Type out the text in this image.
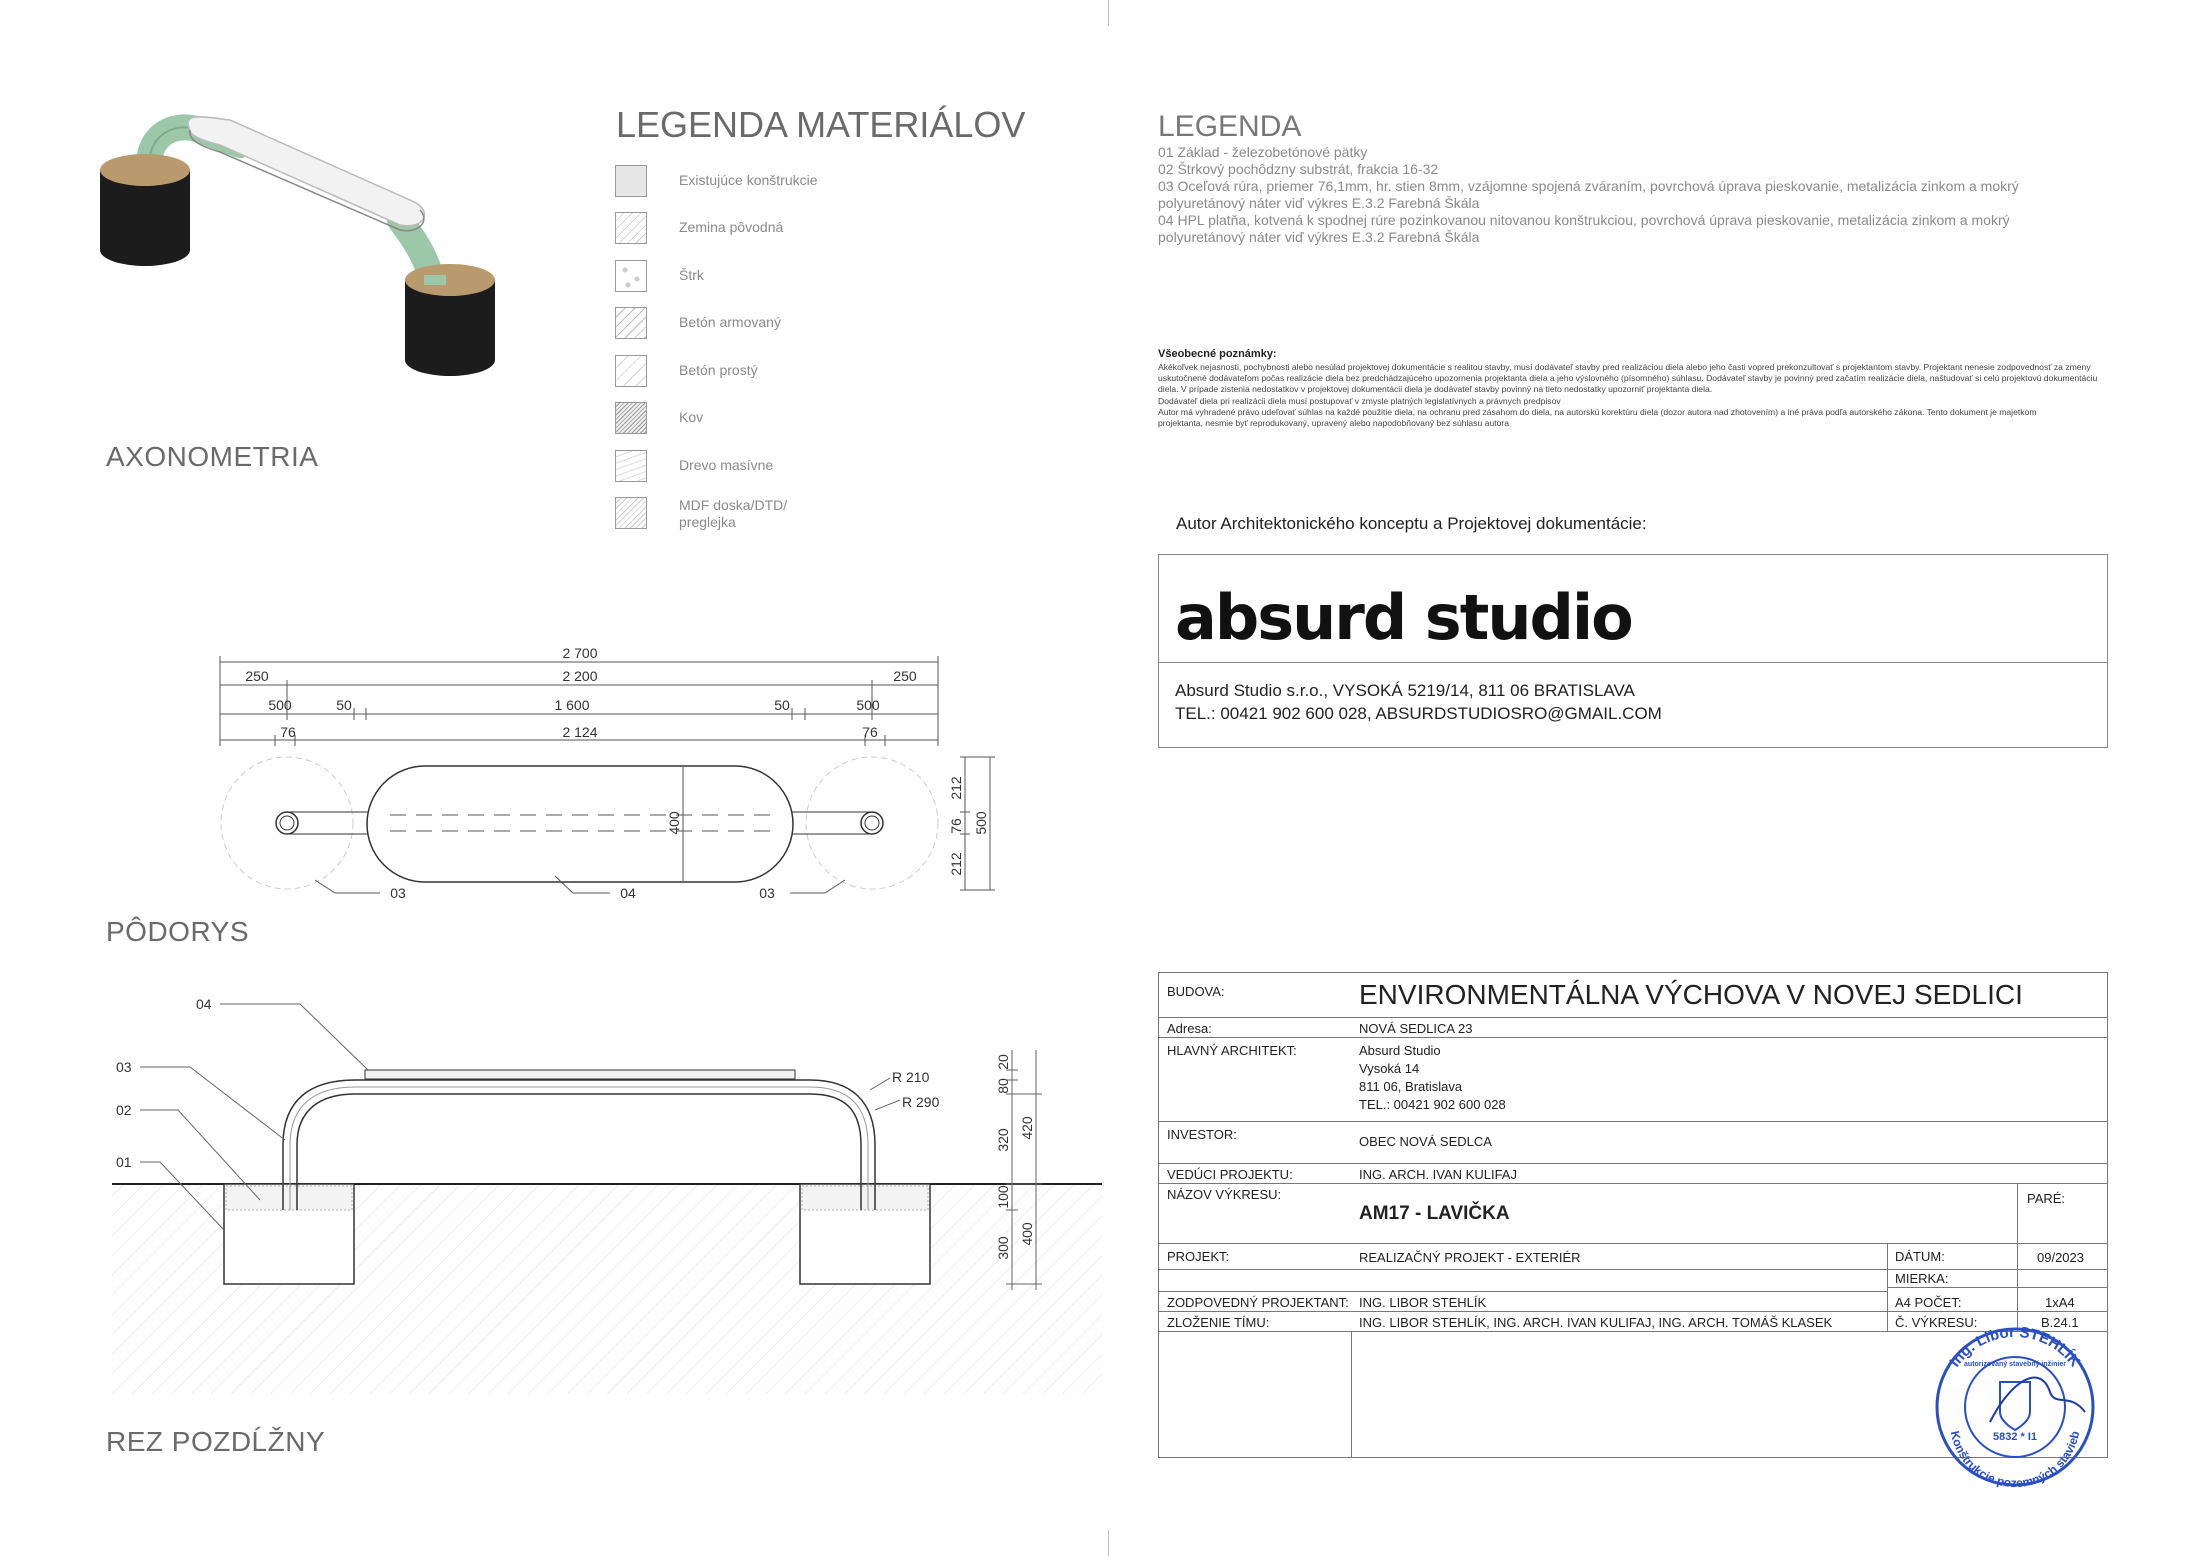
AXONOMETRIA
LEGENDA MATERIÁLOV
Existujúce konštrukcie
Zemina pôvodná
Štrk
Betón armovaný
Betón prostý
Kov
Drevo masívne
MDF doska/DTD/ preglejka
LEGENDA
01 Základ - železobetónové pätky
02 Štrkový pochôdzny substrát, frakcia 16-32
03 Oceľová rúra, priemer 76,1mm, hr. stien 8mm, vzájomne spojená zváraním, povrchová úprava pieskovanie, metalizácia zinkom a mokrý polyuretánový náter viď výkres E.3.2 Farebná Škála
04 HPL platňa, kotvená k spodnej rúre pozinkovanou nitovanou konštrukciou, povrchová úprava pieskovanie, metalizácia zinkom a mokrý polyuretánový náter viď výkres E.3.2 Farebná Škála
Všeobecné poznámky:
Akékoľvek nejasnosti, pochybnosti alebo nesúlad projektovej dokumentácie s realitou stavby, musí dodávateľ stavby pred realizáciou diela alebo jeho časti vopred prekonzultovať s projektantom stavby. Projektant nenesie zodpovednosť za zmeny uskutočnené dodávateľom počas realizácie diela bez predchádzajúceho upozornenia projektanta diela a jeho výslovného (písomného) súhlasu. Dodávateľ stavby je povinný pred začatím realizácie diela, naštudovať si celú projektovú dokumentáciu diela. V prípade zistenia nedostatkov v projektovej dokumentácii diela je dodávateľ stavby povinný na tieto nedostatky upozorniť projektanta diela.
Dodávateľ diela pri realizácii diela musí postupovať v zmysle platných legislatívnych a právnych predpisov
Autor má vyhradené právo udeľovať súhlas na každé použitie diela, na ochranu pred zásahom do diela, na autorskú korektúru diela (dozor autora nad zhotovením) a iné práva podľa autorského zákona. Tento dokument je majetkom projektanta, nesmie byť reprodukovaný, upravený alebo napodobňovaný bez súhlasu autora
Autor Architektonického konceptu a Projektovej dokumentácie:
absurd studio
Absurd Studio s.r.o., VYSOKÁ 5219/14, 811 06 BRATISLAVA
TEL.: 00421 902 600 028, ABSURDSTUDIOSRO@GMAIL.COM
2 700
250	2 200	250
500	50	1 600	50	500
76	2 124	76
03	04	03
212
76
212
500
400
PÔDORYS
04
03
02
01
R 210
R 290
20
80
320
420
100
300
400
REZ POZDĹŽNY
BUDOVA:	ENVIRONMENTÁLNA VÝCHOVA V NOVEJ SEDLICI
Adresa:	NOVÁ SEDLICA 23
HLAVNÝ ARCHITEKT:	Absurd Studio
Vysoká 14
811 06, Bratislava
TEL.: 00421 902 600 028
INVESTOR:	OBEC NOVÁ SEDLCA
VEDÚCI PROJEKTU:	ING. ARCH. IVAN KULIFAJ
NÁZOV VÝKRESU:
AM17 - LAVIČKA
PARÉ:
PROJEKT:	REALIZAČNÝ PROJEKT - EXTERIÉR	DÁTUM:	09/2023
MIERKA:
ZODPOVEDNÝ PROJEKTANT: ING. LIBOR STEHLÍK	A4 POČET:	1xA4
ZLOŽENIE TÍMU:	ING. LIBOR STEHLÍK, ING. ARCH. IVAN KULIFAJ, ING. ARCH. TOMÁŠ KLASEK	Č. VÝKRESU:	B.24.1
Ing. Libor STEHLÍK
Konštrukcie pozemných stavieb
5832 * I1
autorizovaný stavebný inžinier
